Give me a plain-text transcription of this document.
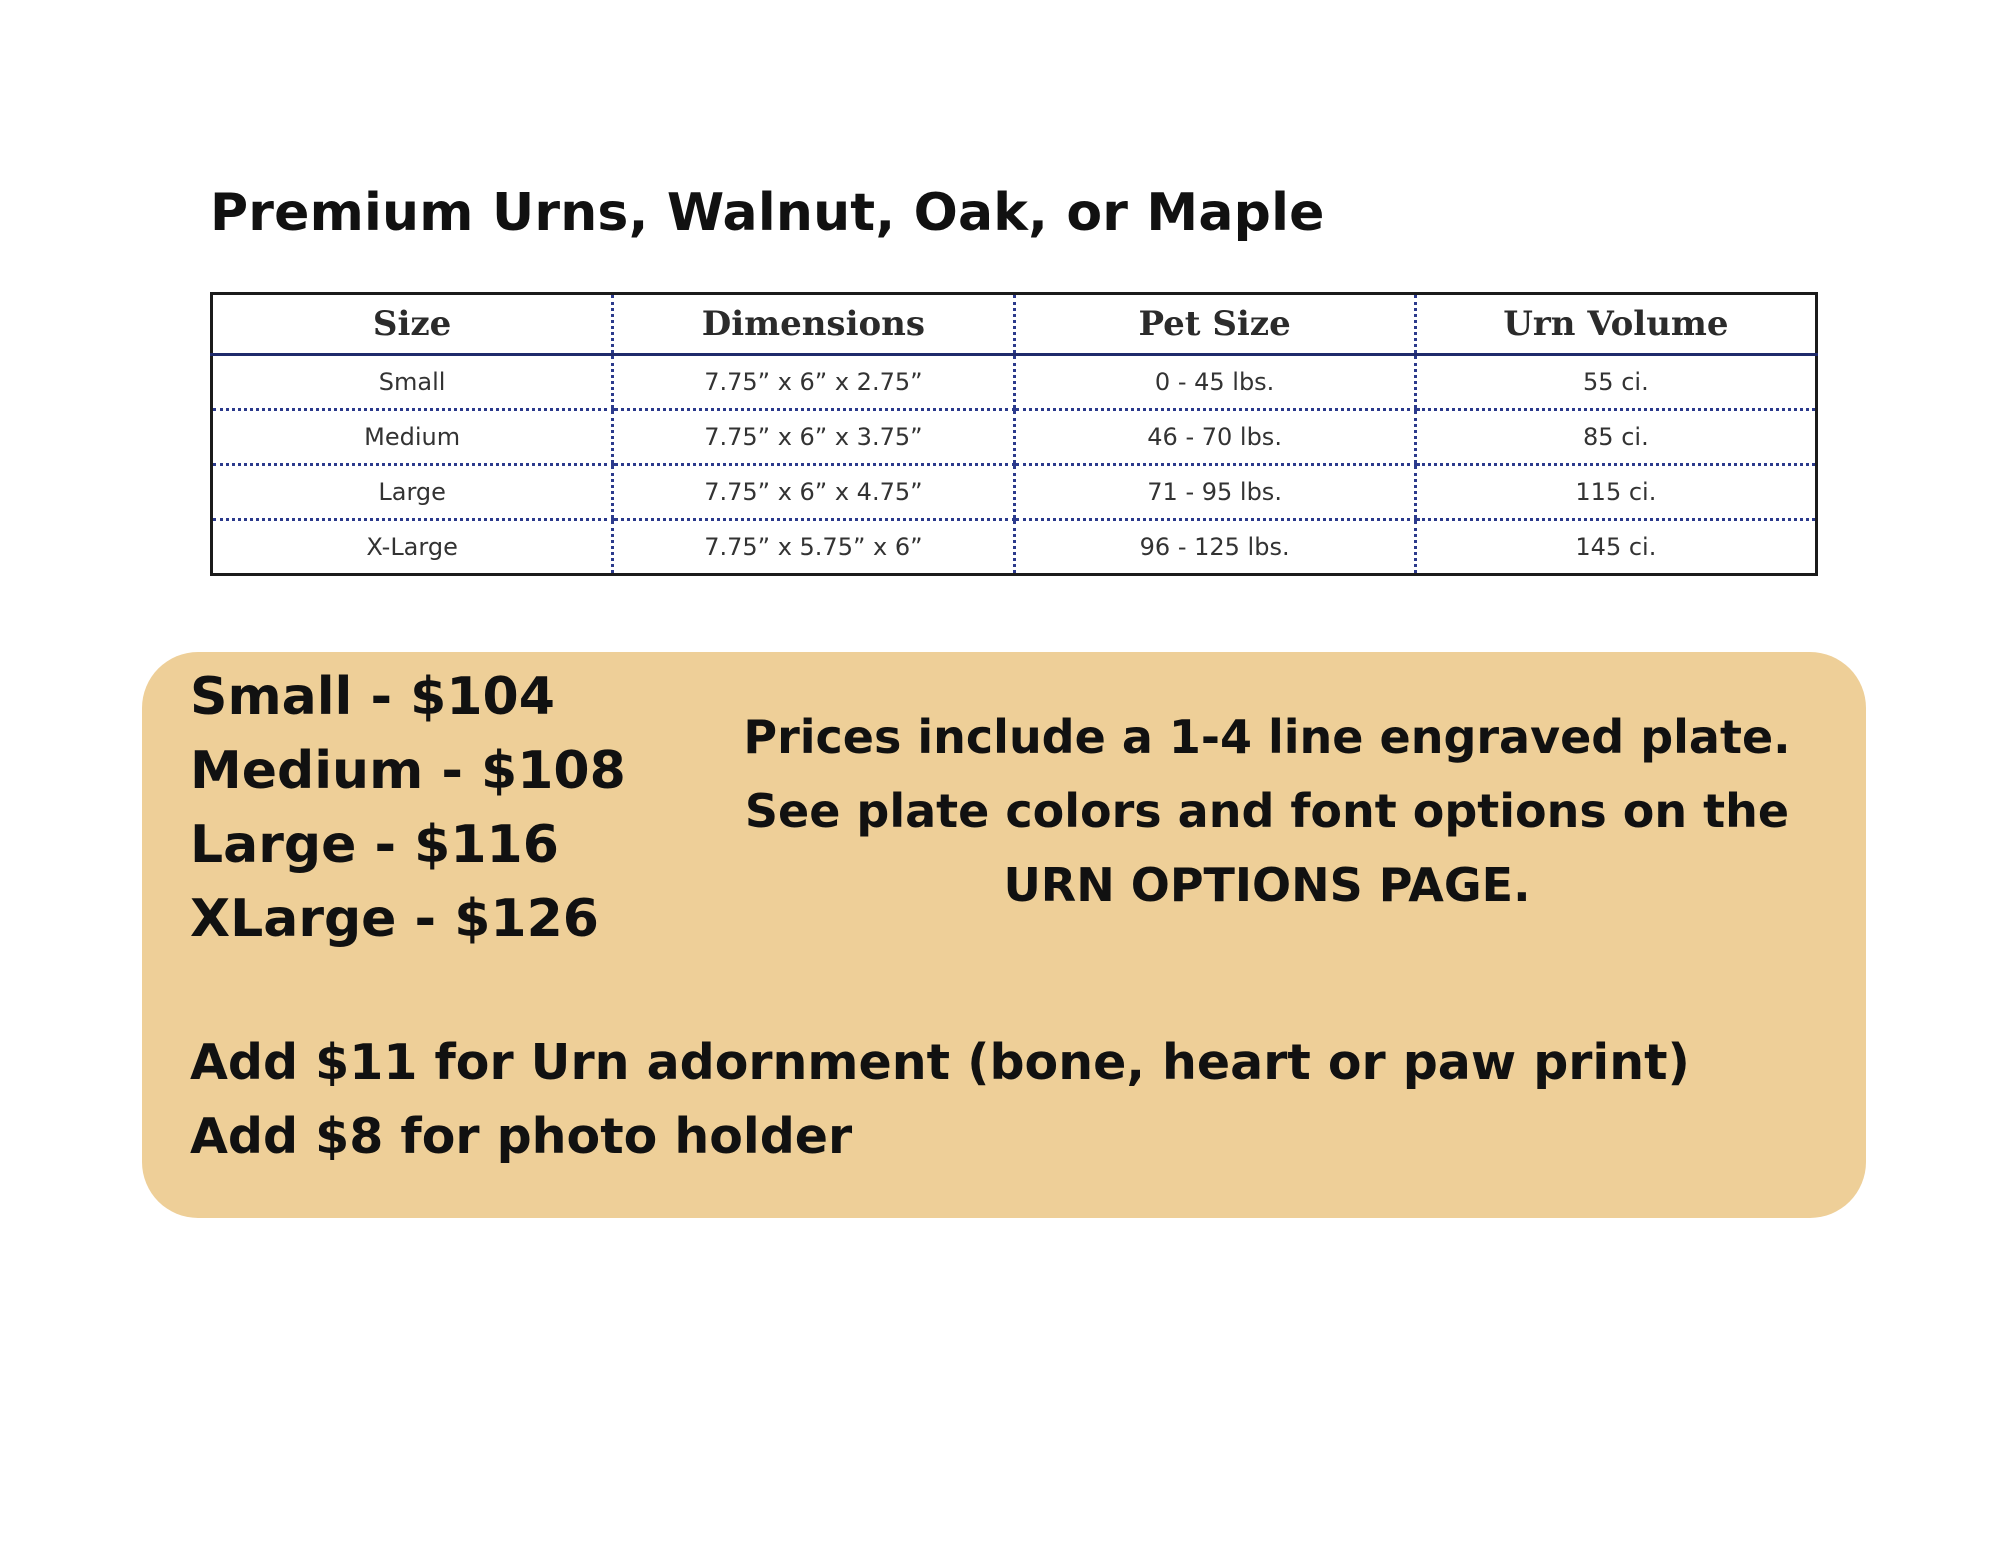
Premium Urns, Walnut, Oak, or Maple
Size	Dimensions	Pet Size	Urn Volume
Small	7.75” x 6” x 2.75”	0 - 45 lbs.	55 ci.
Medium	7.75” x 6” x 3.75”	46 - 70 lbs.	85 ci.
Large	7.75” x 6” x 4.75”	71 - 95 lbs.	115 ci.
X-Large	7.75” x 5.75” x 6”	96 - 125 lbs.	145 ci.
Small - $104
Medium - $108
Large - $116
XLarge - $126

Prices include a 1-4 line engraved plate. See plate colors and font options on the URN OPTIONS PAGE.

Add $11 for Urn adornment (bone, heart or paw print)
Add $8 for photo holder
